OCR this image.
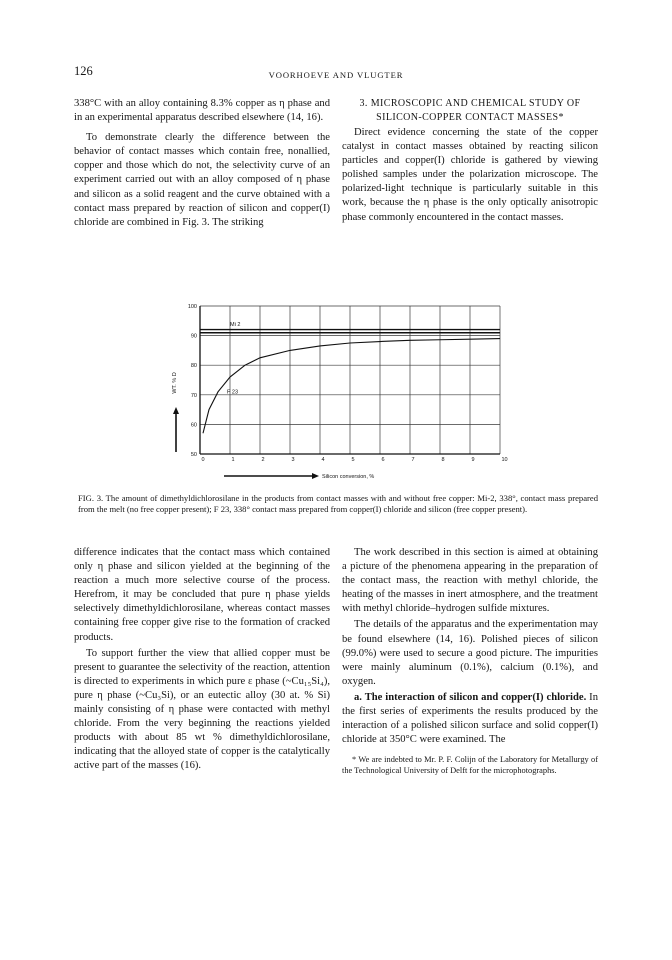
126	VOORHOEVE AND VLUGTER

338°C with an alloy containing 8.3% copper as η phase and in an experimental apparatus described elsewhere (14, 16).

To demonstrate clearly the difference between the behavior of contact masses which contain free, nonallied, copper and those which do not, the selectivity curve of an experiment carried out with an alloy composed of η phase and silicon as a solid reagent and the curve obtained with a contact mass prepared by reaction of silicon and copper(I) chloride are combined in Fig. 3. The striking

3. MICROSCOPIC AND CHEMICAL STUDY OF SILICON-COPPER CONTACT MASSES*

Direct evidence concerning the state of the copper catalyst in contact masses obtained by reacting silicon particles and copper(I) chloride is gathered by viewing polished samples under the polarization microscope. The polarized-light technique is particularly suitable in this work, because the η phase is the only optically anisotropic phase commonly encountered in the contact masses.

0	1	2	3	4	5	6	7	8	9	10
50
60
70
80
90
100
Mi 2
F 23
WT. % D
Silicon conversion, %
FIG. 3. The amount of dimethyldichlorosilane in the products from contact masses with and without free copper: Mi-2, 338°, contact mass prepared from the melt (no free copper present); F 23, 338° contact mass prepared from copper(I) chloride and silicon (free copper present).

difference indicates that the contact mass which contained only η phase and silicon yielded at the beginning of the reaction a much more selective course of the process. Herefrom, it may be concluded that pure η phase yields selectively dimethyldichlorosilane, whereas contact masses containing free copper give rise to the formation of cracked products.

To support further the view that allied copper must be present to guarantee the selectivity of the reaction, attention is directed to experiments in which pure ε phase (~Cu₁₅Si₄), pure η phase (~Cu₃Si), or an eutectic alloy (30 at. % Si) mainly consisting of η phase were contacted with methyl chloride. From the very beginning the reactions yielded products with about 85 wt % dimethyldichlorosilane, indicating that the alloyed state of copper is the catalytically active part of the masses (16).

The work described in this section is aimed at obtaining a picture of the phenomena appearing in the preparation of the contact mass, the reaction with methyl chloride, the heating of the masses in inert atmosphere, and the treatment with methyl chloride–hydrogen sulfide mixtures.

The details of the apparatus and the experimentation may be found elsewhere (14, 16). Polished pieces of silicon (99.0%) were used to secure a good picture. The impurities were mainly aluminum (0.1%), calcium (0.1%), and oxygen.

a. The interaction of silicon and copper(I) chloride. In the first series of experiments the results produced by the interaction of a polished silicon surface and solid copper(I) chloride at 350°C were examined. The

* We are indebted to Mr. P. F. Colijn of the Laboratory for Metallurgy of the Technological University of Delft for the microphotographs.
